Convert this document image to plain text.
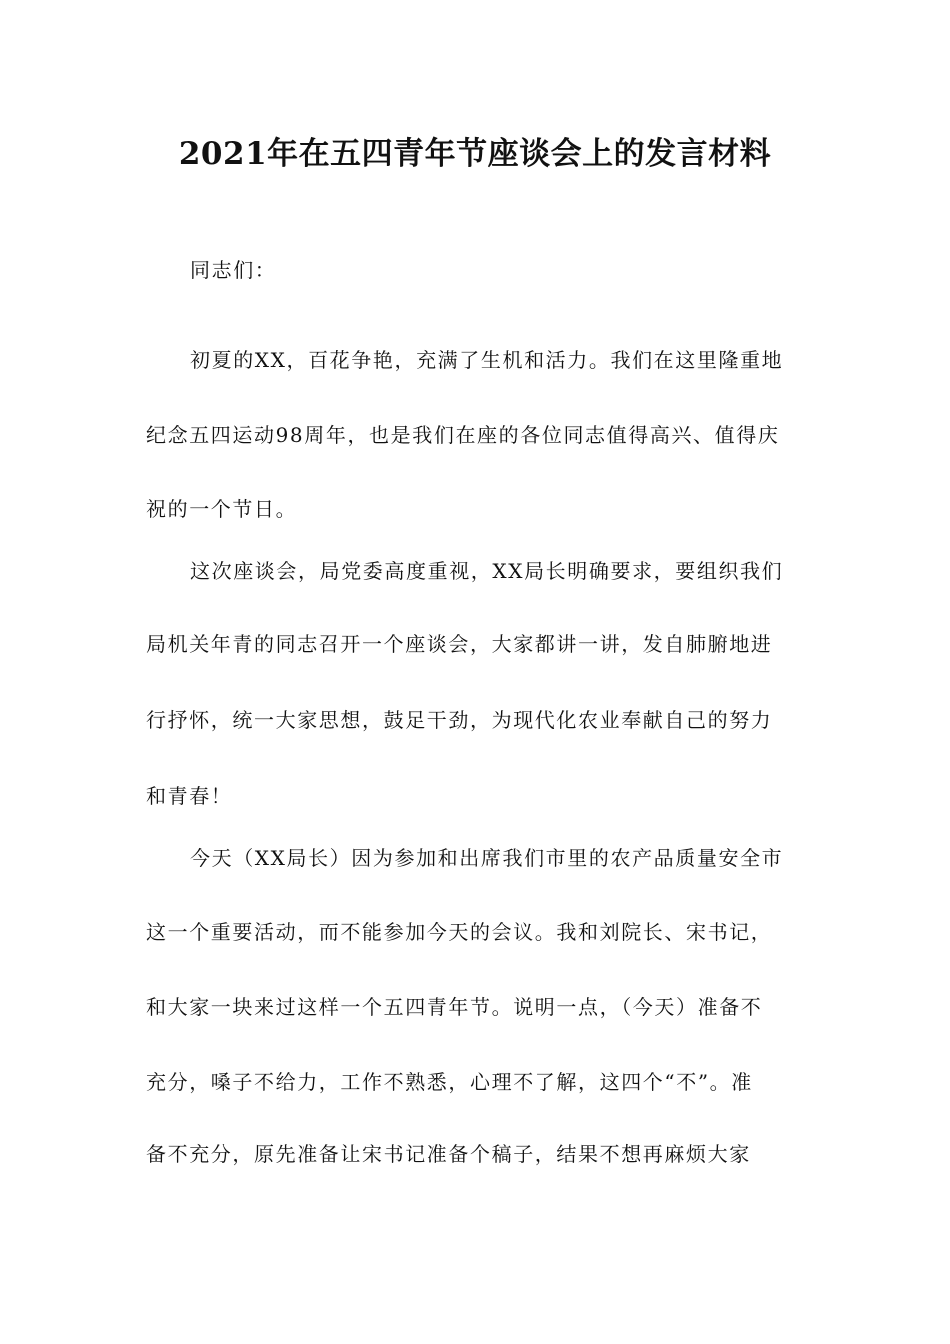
2021年在五四青年节座谈会上的发言材料
同志们：
初夏的XX，百花争艳，充满了生机和活力。我们在这里隆重地
纪念五四运动98周年，也是我们在座的各位同志值得高兴、值得庆
祝的一个节日。
这次座谈会，局党委高度重视，XX局长明确要求，要组织我们
局机关年青的同志召开一个座谈会，大家都讲一讲，发自肺腑地进
行抒怀，统一大家思想，鼓足干劲，为现代化农业奉献自己的努力
和青春！
今天（XX局长）因为参加和出席我们市里的农产品质量安全市
这一个重要活动，而不能参加今天的会议。我和刘院长、宋书记，
和大家一块来过这样一个五四青年节。说明一点，（今天）准备不
充分，嗓子不给力，工作不熟悉，心理不了解，这四个“不”。准
备不充分，原先准备让宋书记准备个稿子，结果不想再麻烦大家
